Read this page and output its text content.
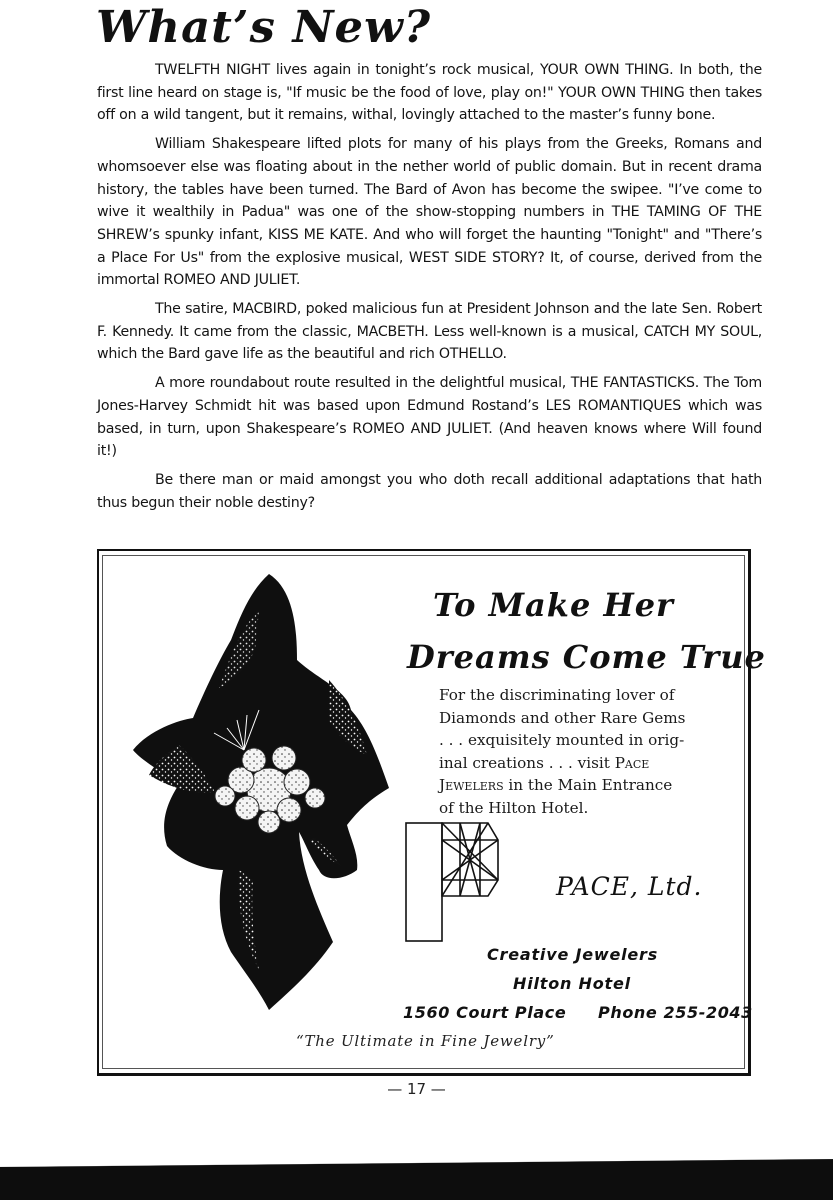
What’s New?

TWELFTH NIGHT lives again in tonight’s rock musical, YOUR OWN THING. In both, the first line heard on stage is, "If music be the food of love, play on!" YOUR OWN THING then takes off on a wild tangent, but it remains, withal, lovingly attached to the master’s funny bone.

William Shakespeare lifted plots for many of his plays from the Greeks, Romans and whomsoever else was floating about in the nether world of public domain. But in recent drama history, the tables have been turned. The Bard of Avon has become the swipee. "I’ve come to wive it wealthily in Padua" was one of the show-stopping numbers in THE TAMING OF THE SHREW’s spunky infant, KISS ME KATE. And who will forget the haunting "Tonight" and "There’s a Place For Us" from the explosive musical, WEST SIDE STORY? It, of course, derived from the immortal ROMEO AND JULIET.

The satire, MACBIRD, poked malicious fun at President Johnson and the late Sen. Robert F. Kennedy. It came from the classic, MACBETH. Less well-known is a musical, CATCH MY SOUL, which the Bard gave life as the beautiful and rich OTHELLO.

A more roundabout route resulted in the delightful musical, THE FANTASTICKS. The Tom Jones-Harvey Schmidt hit was based upon Edmund Rostand’s LES ROMANTIQUES which was based, in turn, upon Shakespeare’s ROMEO AND JULIET. (And heaven knows where Will found it!)

Be there man or maid amongst you who doth recall additional adaptations that hath thus begun their noble destiny?

To Make Her
Dreams Come True
For the discriminating lover of
Diamonds and other Rare Gems
. . . exquisitely mounted in orig-
inal creations . . . visit Pace
Jewelers in the Main Entrance
of the Hilton Hotel.
PACE, Ltd.
Creative Jewelers
Hilton Hotel
1560 Court Place Phone 255-2043
“The Ultimate in Fine Jewelry”
— 17 —
